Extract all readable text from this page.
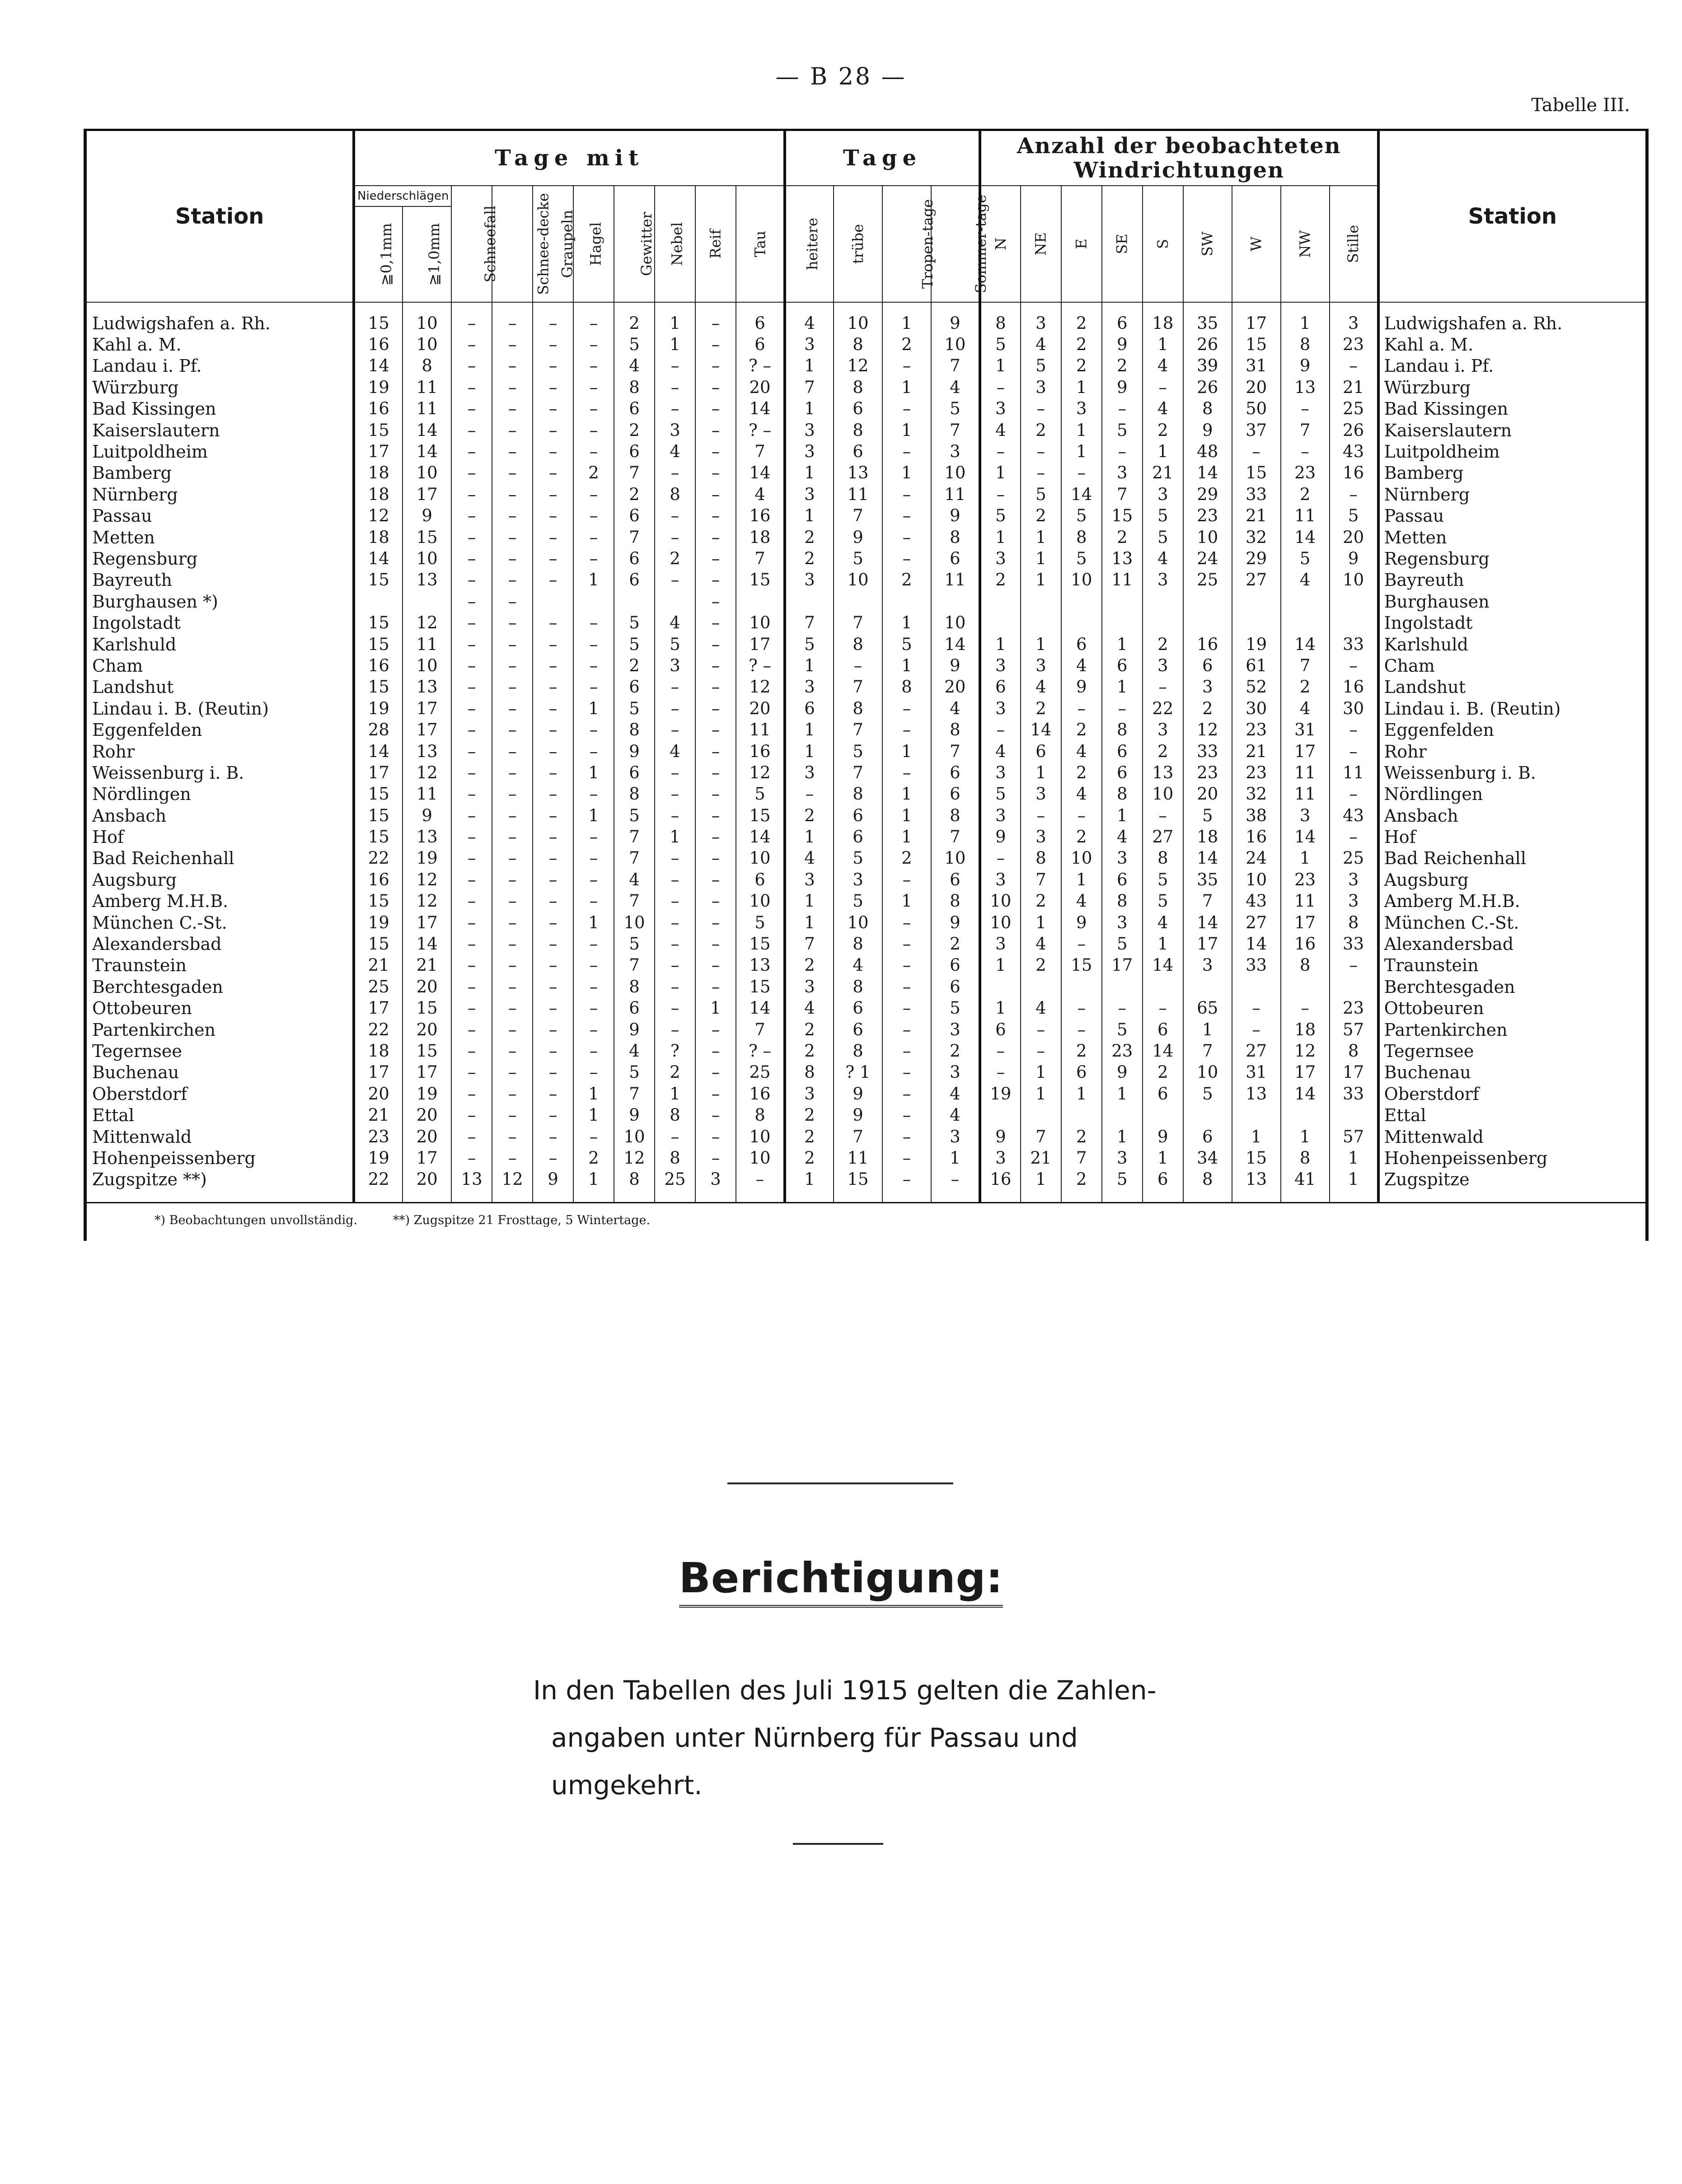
— B 28 —
Tabelle III.
Station	Tage mit										Tage				Anzahl der beobachteten
Windrichtungen									Station
	Niederschlägen		Schneefall	Schnee-decke	Graupeln	Hagel	Gewitter	Nebel	Reif	Tau	heitere	trübe	Tropen-tage	Sommer-tage	N	NE	E	SE	S	SW	W	NW	Stille	
	≧0,1mm	≧1,0mm																						
Ludwigshafen a. Rh.	15	10	–	–	–	–	2	1	–	6	4	10	1	9	8	3	2	6	18	35	17	1	3	Ludwigshafen a. Rh.
Kahl a. M.	16	10	–	–	–	–	5	1	–	6	3	8	2	10	5	4	2	9	1	26	15	8	23	Kahl a. M.
Landau i. Pf.	14	8	–	–	–	–	4	–	–	? –	1	12	–	7	1	5	2	2	4	39	31	9	–	Landau i. Pf.
Würzburg	19	11	–	–	–	–	8	–	–	20	7	8	1	4	–	3	1	9	–	26	20	13	21	Würzburg
Bad Kissingen	16	11	–	–	–	–	6	–	–	14	1	6	–	5	3	–	3	–	4	8	50	–	25	Bad Kissingen
Kaiserslautern	15	14	–	–	–	–	2	3	–	? –	3	8	1	7	4	2	1	5	2	9	37	7	26	Kaiserslautern
Luitpoldheim	17	14	–	–	–	–	6	4	–	7	3	6	–	3	–	–	1	–	1	48	–	–	43	Luitpoldheim
Bamberg	18	10	–	–	–	2	7	–	–	14	1	13	1	10	1	–	–	3	21	14	15	23	16	Bamberg
Nürnberg	18	17	–	–	–	–	2	8	–	4	3	11	–	11	–	5	14	7	3	29	33	2	–	Nürnberg
Passau	12	9	–	–	–	–	6	–	–	16	1	7	–	9	5	2	5	15	5	23	21	11	5	Passau
Metten	18	15	–	–	–	–	7	–	–	18	2	9	–	8	1	1	8	2	5	10	32	14	20	Metten
Regensburg	14	10	–	–	–	–	6	2	–	7	2	5	–	6	3	1	5	13	4	24	29	5	9	Regensburg
Bayreuth	15	13	–	–	–	1	6	–	–	15	3	10	2	11	2	1	10	11	3	25	27	4	10	Bayreuth
Burghausen *)			–	–					–															Burghausen
Ingolstadt	15	12	–	–	–	–	5	4	–	10	7	7	1	10										Ingolstadt
Karlshuld	15	11	–	–	–	–	5	5	–	17	5	8	5	14	1	1	6	1	2	16	19	14	33	Karlshuld
Cham	16	10	–	–	–	–	2	3	–	? –	1	–	1	9	3	3	4	6	3	6	61	7	–	Cham
Landshut	15	13	–	–	–	–	6	–	–	12	3	7	8	20	6	4	9	1	–	3	52	2	16	Landshut
Lindau i. B. (Reutin)	19	17	–	–	–	1	5	–	–	20	6	8	–	4	3	2	–	–	22	2	30	4	30	Lindau i. B. (Reutin)
Eggenfelden	28	17	–	–	–	–	8	–	–	11	1	7	–	8	–	14	2	8	3	12	23	31	–	Eggenfelden
Rohr	14	13	–	–	–	–	9	4	–	16	1	5	1	7	4	6	4	6	2	33	21	17	–	Rohr
Weissenburg i. B.	17	12	–	–	–	1	6	–	–	12	3	7	–	6	3	1	2	6	13	23	23	11	11	Weissenburg i. B.
Nördlingen	15	11	–	–	–	–	8	–	–	5	–	8	1	6	5	3	4	8	10	20	32	11	–	Nördlingen
Ansbach	15	9	–	–	–	1	5	–	–	15	2	6	1	8	3	–	–	1	–	5	38	3	43	Ansbach
Hof	15	13	–	–	–	–	7	1	–	14	1	6	1	7	9	3	2	4	27	18	16	14	–	Hof
Bad Reichenhall	22	19	–	–	–	–	7	–	–	10	4	5	2	10	–	8	10	3	8	14	24	1	25	Bad Reichenhall
Augsburg	16	12	–	–	–	–	4	–	–	6	3	3	–	6	3	7	1	6	5	35	10	23	3	Augsburg
Amberg M.H.B.	15	12	–	–	–	–	7	–	–	10	1	5	1	8	10	2	4	8	5	7	43	11	3	Amberg M.H.B.
München C.-St.	19	17	–	–	–	1	10	–	–	5	1	10	–	9	10	1	9	3	4	14	27	17	8	München C.-St.
Alexandersbad	15	14	–	–	–	–	5	–	–	15	7	8	–	2	3	4	–	5	1	17	14	16	33	Alexandersbad
Traunstein	21	21	–	–	–	–	7	–	–	13	2	4	–	6	1	2	15	17	14	3	33	8	–	Traunstein
Berchtesgaden	25	20	–	–	–	–	8	–	–	15	3	8	–	6										Berchtesgaden
Ottobeuren	17	15	–	–	–	–	6	–	1	14	4	6	–	5	1	4	–	–	–	65	–	–	23	Ottobeuren
Partenkirchen	22	20	–	–	–	–	9	–	–	7	2	6	–	3	6	–	–	5	6	1	–	18	57	Partenkirchen
Tegernsee	18	15	–	–	–	–	4	?	–	? –	2	8	–	2	–	–	2	23	14	7	27	12	8	Tegernsee
Buchenau	17	17	–	–	–	–	5	2	–	25	8	? 1	–	3	–	1	6	9	2	10	31	17	17	Buchenau
Oberstdorf	20	19	–	–	–	1	7	1	–	16	3	9	–	4	19	1	1	1	6	5	13	14	33	Oberstdorf
Ettal	21	20	–	–	–	1	9	8	–	8	2	9	–	4										Ettal
Mittenwald	23	20	–	–	–	–	10	–	–	10	2	7	–	3	9	7	2	1	9	6	1	1	57	Mittenwald
Hohenpeissenberg	19	17	–	–	–	2	12	8	–	10	2	11	–	1	3	21	7	3	1	34	15	8	1	Hohenpeissenberg
Zugspitze **)	22	20	13	12	9	1	8	25	3	–	1	15	–	–	16	1	2	5	6	8	13	41	1	Zugspitze
*) Beobachtungen unvollständig.	**) Zugspitze 21 Frosttage, 5 Wintertage.
Berichtigung:
In den Tabellen des Juli 1915 gelten die Zahlen-
angaben unter Nürnberg für Passau und umgekehrt.
